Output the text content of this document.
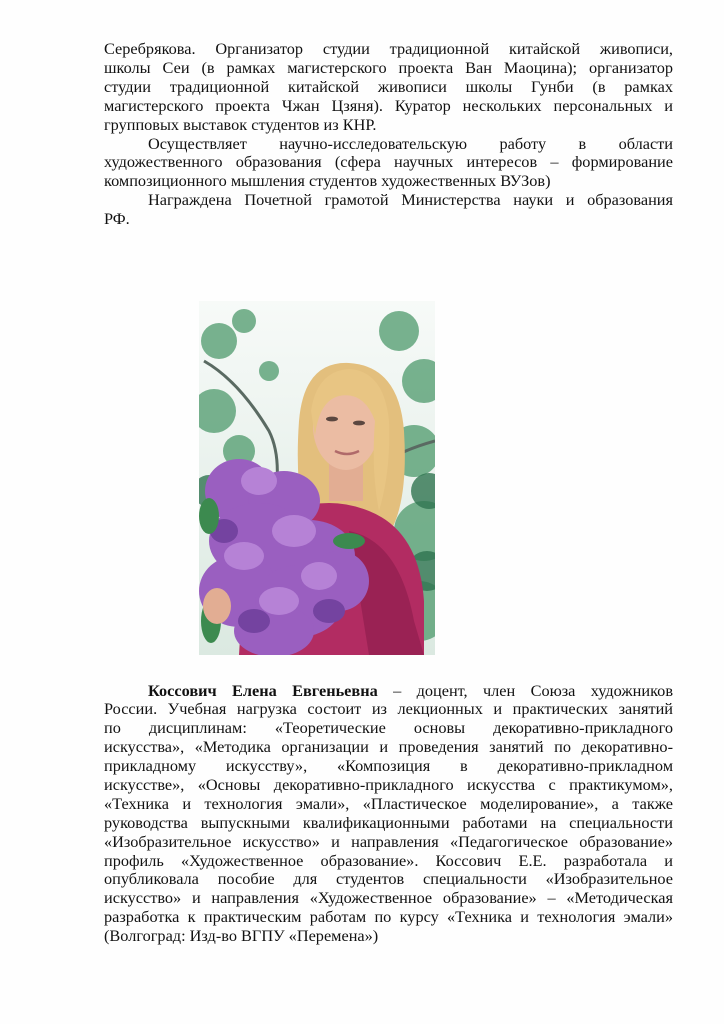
Серебрякова. Организатор студии традиционной китайской живописи,
школы Сеи (в рамках магистерского проекта Ван Маоцина); организатор
студии традиционной китайской живописи школы Гунби (в рамках
магистерского проекта Чжан Цзяня). Куратор нескольких персональных и
групповых выставок студентов из КНР.
Осуществляет научно-исследовательскую работу в области
художественного образования (сфера научных интересов – формирование
композиционного мышления студентов художественных ВУЗов)
Награждена Почетной грамотой Министерства науки и образования
РФ.
Коссович Елена Евгеньевна – доцент, член Союза художников
России. Учебная нагрузка состоит из лекционных и практических занятий
по дисциплинам: «Теоретические основы декоративно-прикладного
искусства», «Методика организации и проведения занятий по декоративно-
прикладному искусству», «Композиция в декоративно-прикладном
искусстве», «Основы декоративно-прикладного искусства с практикумом»,
«Техника и технология эмали», «Пластическое моделирование», а также
руководства выпускными квалификационными работами на специальности
«Изобразительное искусство» и направления «Педагогическое образование»
профиль «Художественное образование». Коссович Е.Е. разработала и
опубликовала пособие для студентов специальности «Изобразительное
искусство» и направления «Художественное образование» – «Методическая
разработка к практическим работам по курсу «Техника и технология эмали»
(Волгоград: Изд-во ВГПУ «Перемена»)
